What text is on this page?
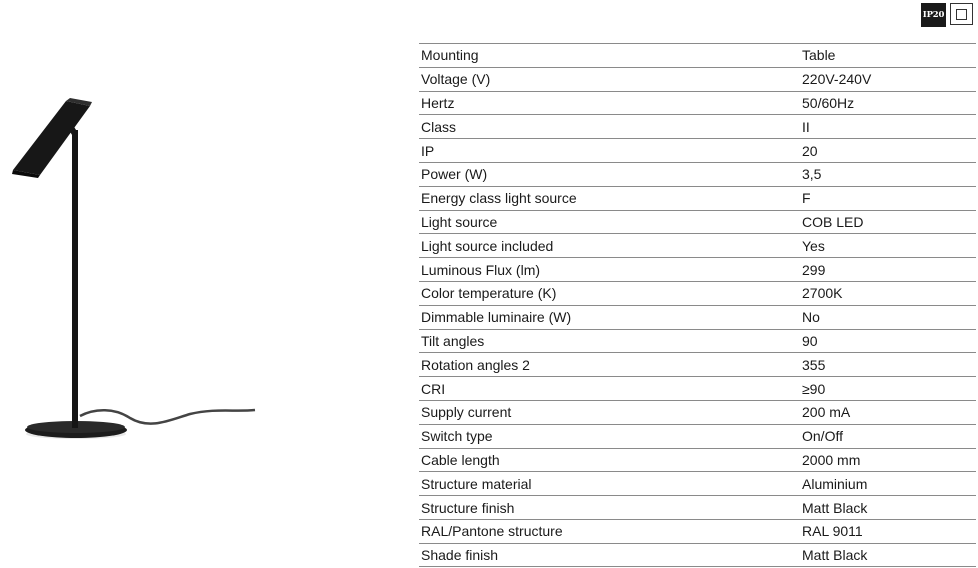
IP20
Mounting	Table
Voltage (V)	220V-240V
Hertz	50/60Hz
Class	II
IP	20
Power (W)	3,5
Energy class light source	F
Light source	COB LED
Light source included	Yes
Luminous Flux (lm)	299
Color temperature (K)	2700K
Dimmable luminaire (W)	No
Tilt angles	90
Rotation angles 2	355
CRI	≥90
Supply current	200 mA
Switch type	On/Off
Cable length	2000 mm
Structure material	Aluminium
Structure finish	Matt Black
RAL/Pantone structure	RAL 9011
Shade finish	Matt Black
